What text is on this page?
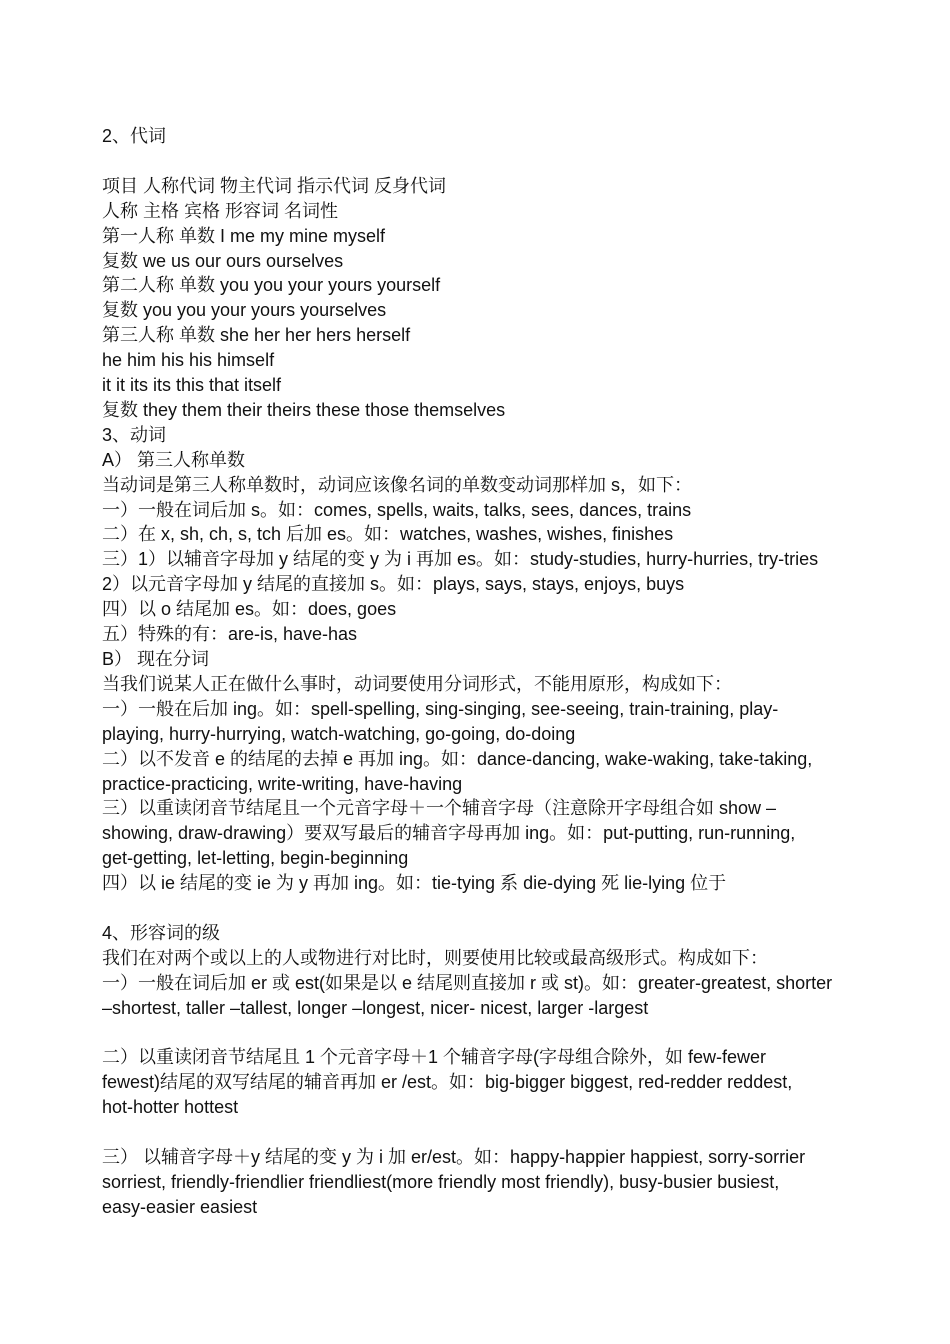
2、代词
项目 人称代词 物主代词 指示代词 反身代词
人称 主格 宾格 形容词 名词性
第一人称 单数 I me my mine myself
复数 we us our ours ourselves
第二人称 单数 you you your yours yourself
复数 you you your yours yourselves
第三人称 单数 she her her hers herself
he him his his himself
it it its its this that itself
复数 they them their theirs these those themselves
3、动词
A） 第三人称单数
当动词是第三人称单数时，动词应该像名词的单数变动词那样加 s，如下：
一）一般在词后加 s。如：comes, spells, waits, talks, sees, dances, trains
二）在 x, sh, ch, s, tch 后加 es。如：watches, washes, wishes, finishes
三）1）以辅音字母加 y 结尾的变 y 为 i 再加 es。如：study-studies, hurry-hurries, try-tries
2）以元音字母加 y 结尾的直接加 s。如：plays, says, stays, enjoys, buys
四）以 o 结尾加 es。如：does, goes
五）特殊的有：are-is, have-has
B） 现在分词
当我们说某人正在做什么事时，动词要使用分词形式，不能用原形，构成如下：
一）一般在后加 ing。如：spell-spelling, sing-singing, see-seeing, train-training, play-
playing, hurry-hurrying, watch-watching, go-going, do-doing
二）以不发音 e 的结尾的去掉 e 再加 ing。如：dance-dancing, wake-waking, take-taking,
practice-practicing, write-writing, have-having
三）以重读闭音节结尾且一个元音字母＋一个辅音字母（注意除开字母组合如 show –
showing, draw-drawing）要双写最后的辅音字母再加 ing。如：put-putting, run-running,
get-getting, let-letting, begin-beginning
四）以 ie 结尾的变 ie 为 y 再加 ing。如：tie-tying 系 die-dying 死 lie-lying 位于
4、形容词的级
我们在对两个或以上的人或物进行对比时，则要使用比较或最高级形式。构成如下：
一）一般在词后加 er 或 est(如果是以 e 结尾则直接加 r 或 st)。如：greater-greatest, shorter
–shortest, taller –tallest, longer –longest, nicer- nicest, larger -largest
二）以重读闭音节结尾且 1 个元音字母＋1 个辅音字母(字母组合除外，如 few-fewer
fewest)结尾的双写结尾的辅音再加 er /est。如：big-bigger biggest, red-redder reddest,
hot-hotter hottest
三） 以辅音字母＋y 结尾的变 y 为 i 加 er/est。如：happy-happier happiest, sorry-sorrier
sorriest, friendly-friendlier friendliest(more friendly most friendly), busy-busier busiest,
easy-easier easiest
